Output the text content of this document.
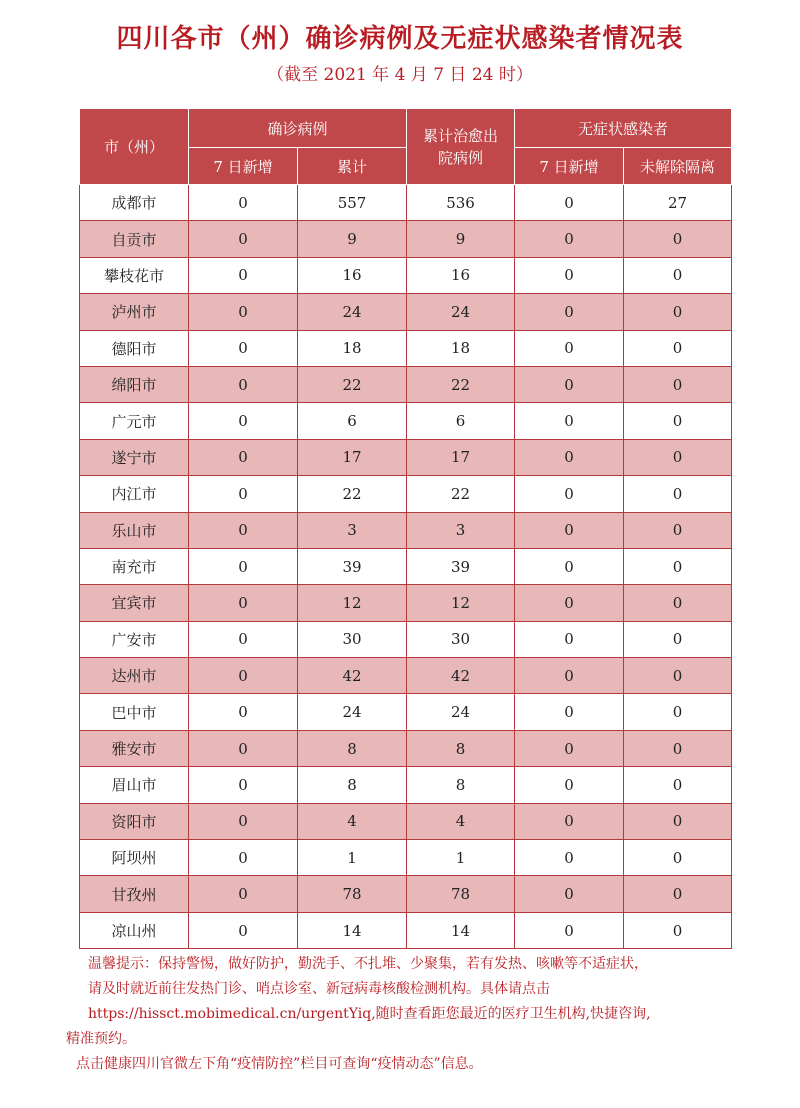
四川各市（州）确诊病例及无症状感染者情况表
（截至 2021 年 4 月 7 日 24 时）
市（州）	确诊病例		累计治愈出院病例	无症状感染者	
	7 日新增	累计		7 日新增	未解除隔离
成都市	0	557	536	0	27
自贡市	0	9	9	0	0
攀枝花市	0	16	16	0	0
泸州市	0	24	24	0	0
德阳市	0	18	18	0	0
绵阳市	0	22	22	0	0
广元市	0	6	6	0	0
遂宁市	0	17	17	0	0
内江市	0	22	22	0	0
乐山市	0	3	3	0	0
南充市	0	39	39	0	0
宜宾市	0	12	12	0	0
广安市	0	30	30	0	0
达州市	0	42	42	0	0
巴中市	0	24	24	0	0
雅安市	0	8	8	0	0
眉山市	0	8	8	0	0
资阳市	0	4	4	0	0
阿坝州	0	1	1	0	0
甘孜州	0	78	78	0	0
凉山州	0	14	14	0	0

温馨提示：保持警惕，做好防护，勤洗手、不扎堆、少聚集，若有发热、咳嗽等不适症状，

请及时就近前往发热门诊、哨点诊室、新冠病毒核酸检测机构。具体请点击

https://hissct.mobimedical.cn/urgentYiq,随时查看距您最近的医疗卫生机构,快捷咨询,

精准预约。

点击健康四川官微左下角“疫情防控”栏目可查询“疫情动态”信息。
